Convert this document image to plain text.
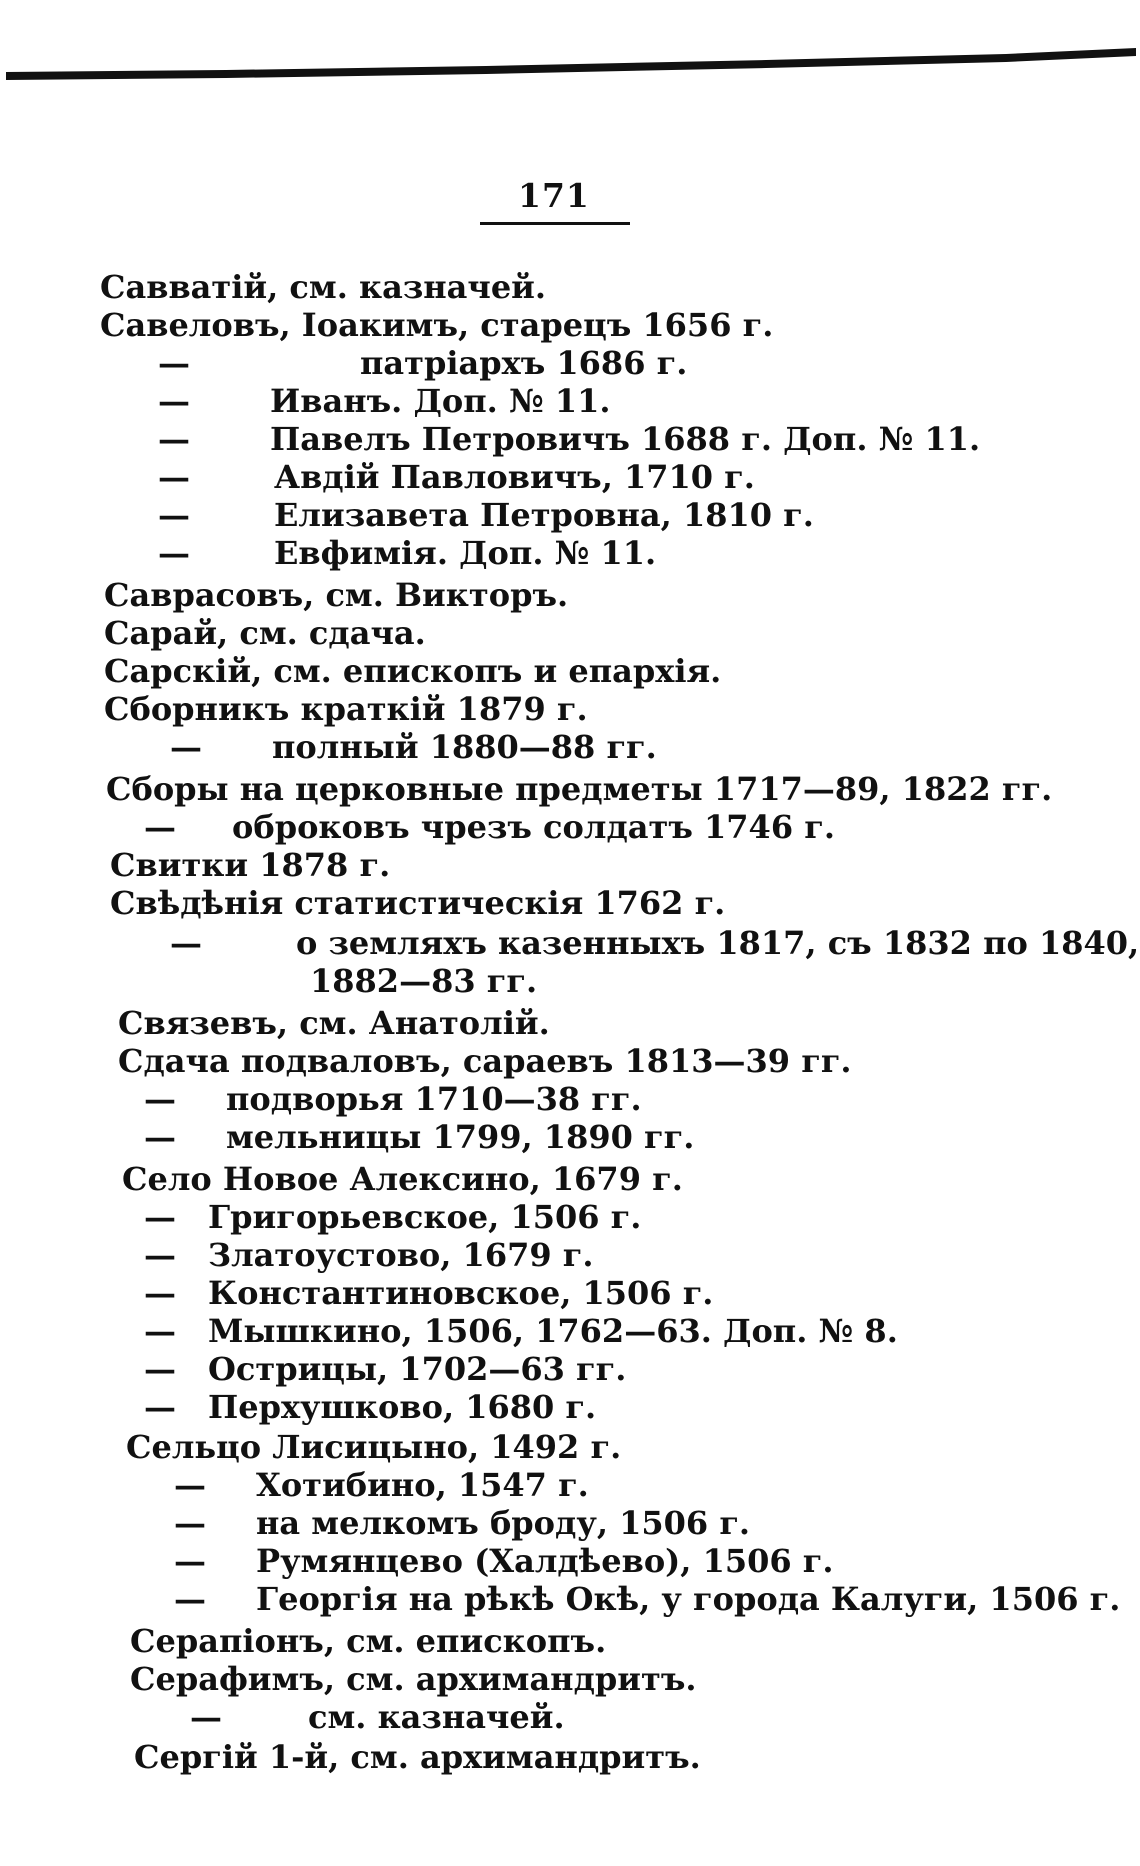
171
Савватій, см. казначей.
Савеловъ, Іоакимъ, старецъ 1656 г.
—	патріархъ 1686 г.
—	Иванъ. Доп. № 11.
—	Павелъ Петровичъ 1688 г. Доп. № 11.
—	Авдій Павловичъ, 1710 г.
—	Елизавета Петровна, 1810 г.
—	Евфимія. Доп. № 11.
Саврасовъ, см. Викторъ.
Сарай, см. сдача.
Сарскій, см. епископъ и епархія.
Сборникъ краткій 1879 г.
— полный 1880—88 гг.
Сборы на церковные предметы 1717—89, 1822 гг.
— оброковъ чрезъ солдатъ 1746 г.
Свитки 1878 г.
Свѣдѣнія статистическія 1762 г.
—	о земляхъ казенныхъ 1817, съ 1832 по 1840,
1882—83 гг.
Связевъ, см. Анатолій.
Сдача подваловъ, сараевъ 1813—39 гг.
— подворья 1710—38 гг.
— мельницы 1799, 1890 гг.
Село Новое Алексино, 1679 г.
— Григорьевское, 1506 г.
— Златоустово, 1679 г.
— Константиновское, 1506 г.
— Мышкино, 1506, 1762—63. Доп. № 8.
— Острицы, 1702—63 гг.
— Перхушково, 1680 г.
Сельцо Лисицыно, 1492 г.
— Хотибино, 1547 г.
— на мелкомъ броду, 1506 г.
— Румянцево (Халдѣево), 1506 г.
— Георгія на рѣкѣ Окѣ, у города Калуги, 1506 г.
Серапіонъ, см. епископъ.
Серафимъ, см. архимандритъ.
—	см. казначей.
Сергій 1-й, см. архимандритъ.
